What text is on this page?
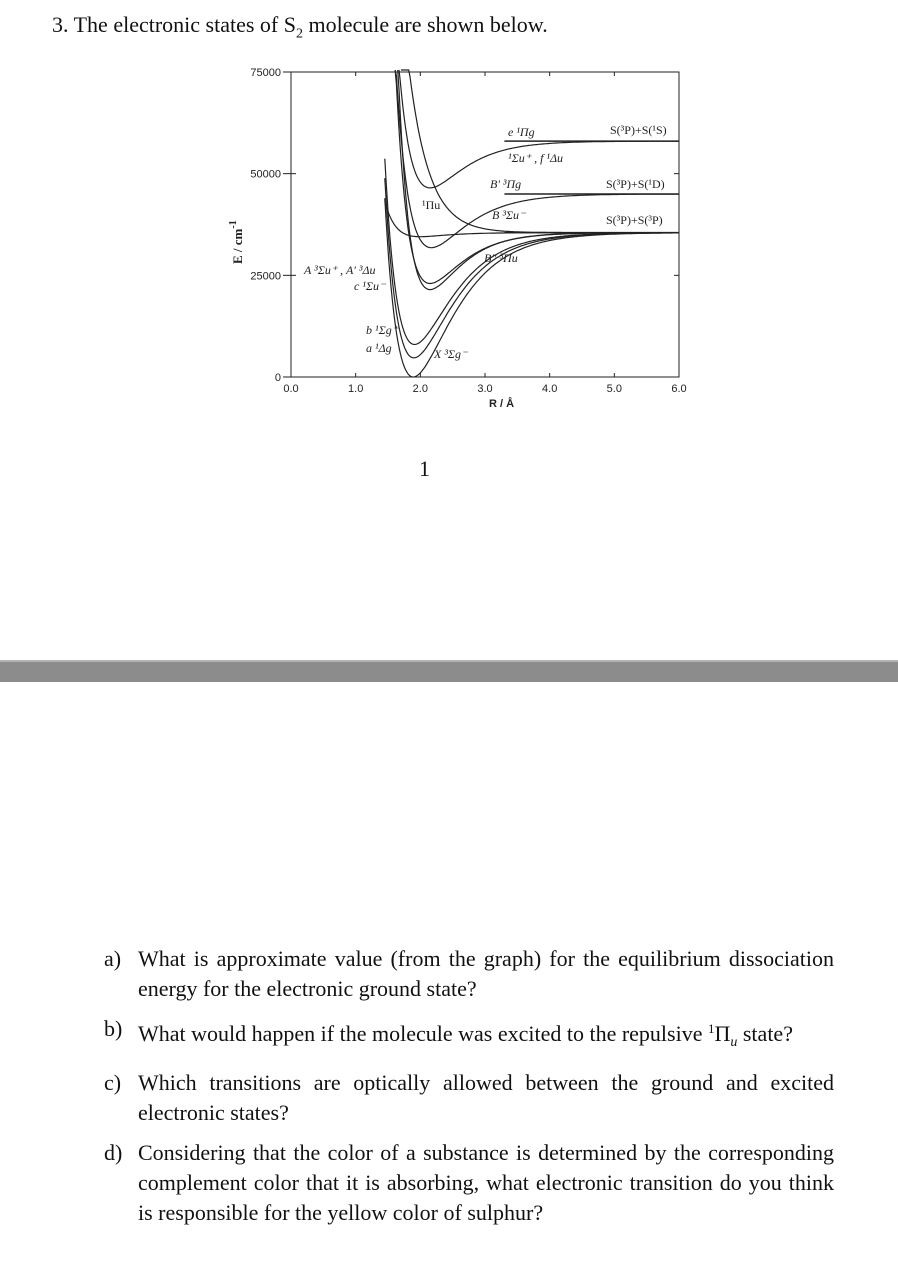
3. The electronic states of $S_2$ molecule are shown below.
0.0	1.0	2.0	3.0	4.0	5.0	6.0
0
25000
50000
75000
R / Å
E / $cm^{-1}$
S(³P)+S(¹S)
S(³P)+S(¹D)
S(³P)+S(³P)
e ¹Πg
¹Σu⁺ , f ¹Δu
B' ³Πg
¹Πu
B ³Σu⁻
B'' ³Πu
A ³Σu⁺ , A' ³Δu
c ¹Σu⁻
b ¹Σg⁺
a ¹Δg	X ³Σg⁻
1
a) What is approximate value (from the graph) for the equilibrium dissociation energy for the electronic ground state?
b) What would happen if the molecule was excited to the repulsive $^1\Pi_u$ state?
c) Which transitions are optically allowed between the ground and excited electronic states?
d) Considering that the color of a substance is determined by the corresponding complement color that it is absorbing, what electronic transition do you think is responsible for the yellow color of sulphur?
